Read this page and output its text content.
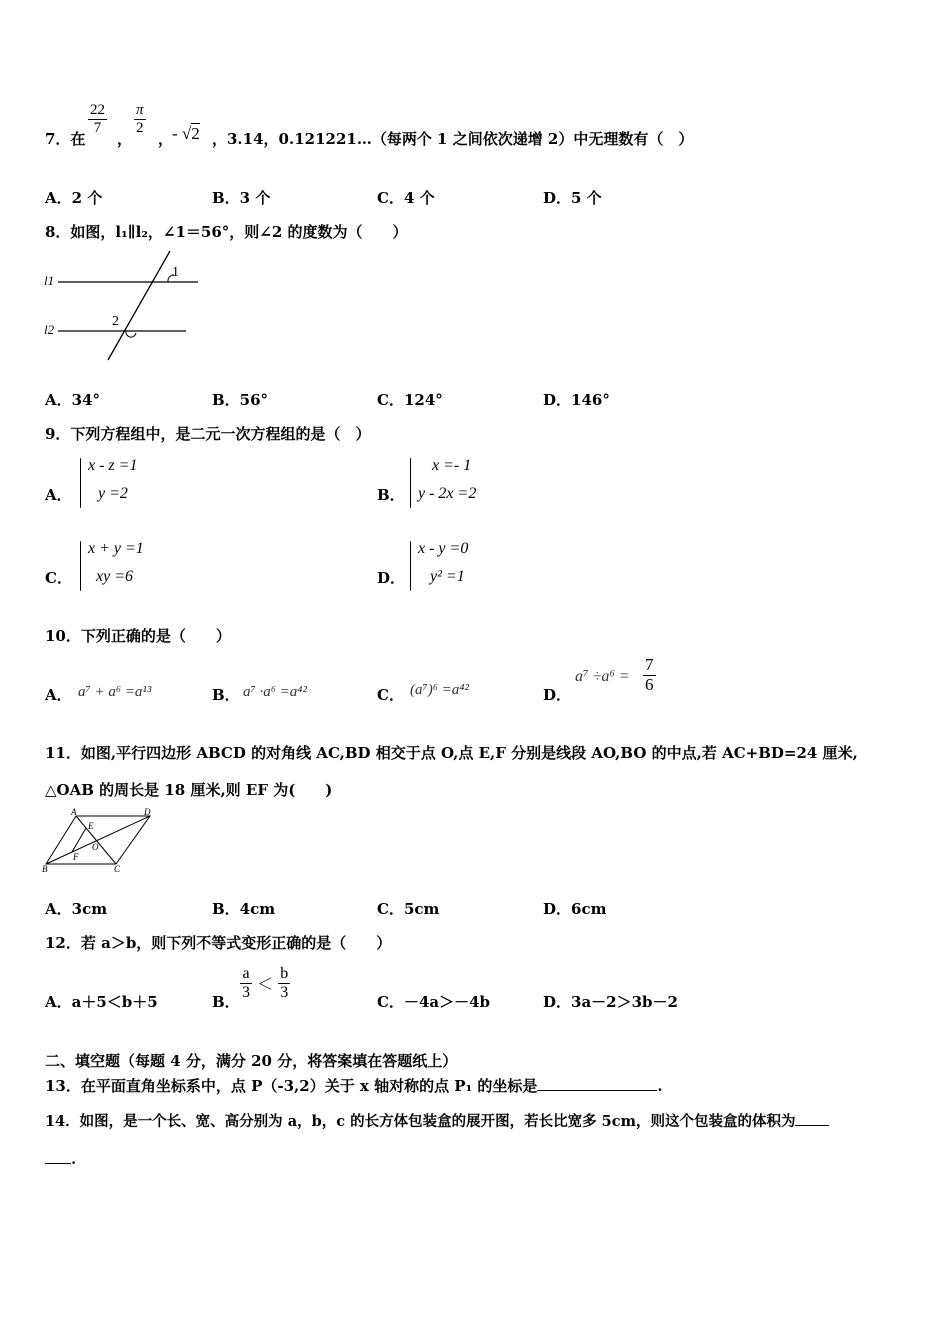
7．在
$\frac{22}{7}$
，
$\frac{\pi}{2}$
，
- √2 ，3.14，0.121221…（每两个 1 之间依次递增 2）中无理数有（　）
A．2 个	B．3 个	C．4 个	D．5 个
8．如图，l₁∥l₂，∠1＝56°，则∠2 的度数为（　　）
l1
l2
1
2
A．34°	B．56°	C．124°	D．146°
9．下列方程组中，是二元一次方程组的是（　）
A．
x - z =1
y =2	B．
x =- 1
y - 2x =2
C．
x + y =1
xy =6	D．
x - y =0
y² =1
10．下列正确的是（　　）
A． a⁷ + a⁶ =a¹³	B． a⁷ ·a⁶ =a⁴²	C． (a⁷)⁶ =a⁴²	D．
$a^7 \div a^6 = \frac{7}{6}$
11．如图,平行四边形 ABCD 的对角线 AC,BD 相交于点 O,点 E,F 分别是线段 AO,BO 的中点,若 AC+BD=24 厘米,
△OAB 的周长是 18 厘米,则 EF 为(　　)
A	D
B	C
E
F
O
A．3cm	B．4cm	C．5cm	D．6cm
12．若 a＞b，则下列不等式变形正确的是（　　）
A．a＋5＜b＋5	B．
$\frac{a}{3} < \frac{b}{3}$
C．－4a＞－4b	D．3a－2＞3b－2
二、填空题（每题 4 分，满分 20 分，将答案填在答题纸上）
13．在平面直角坐标系中，点 P（-3,2）关于 x 轴对称的点 P₁ 的坐标是	.
14．如图，是一个长、宽、高分别为 a，b，c 的长方体包装盒的展开图，若长比宽多 5cm，则这个包装盒的体积为
.
